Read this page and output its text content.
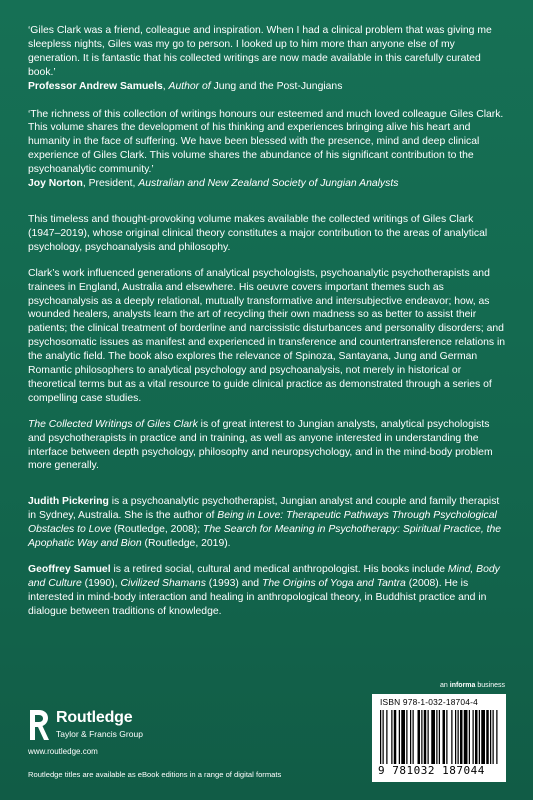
‘Giles Clark was a friend, colleague and inspiration. When I had a clinical problem that was giving me sleepless nights, Giles was my go to person. I looked up to him more than anyone else of my generation. It is fantastic that his collected writings are now made available in this carefully curated book.’

Professor Andrew Samuels, Author of Jung and the Post-Jungians

‘The richness of this collection of writings honours our esteemed and much loved colleague Giles Clark. This volume shares the development of his thinking and experiences bringing alive his heart and humanity in the face of suffering. We have been blessed with the presence, mind and deep clinical experience of Giles Clark. This volume shares the abundance of his significant contribution to the psychoanalytic community.’

Joy Norton, President, Australian and New Zealand Society of Jungian Analysts

This timeless and thought-provoking volume makes available the collected writings of Giles Clark (1947–2019), whose original clinical theory constitutes a major contribution to the areas of analytical psychology, psychoanalysis and philosophy.

Clark’s work influenced generations of analytical psychologists, psychoanalytic psychotherapists and trainees in England, Australia and elsewhere. His oeuvre covers important themes such as psychoanalysis as a deeply relational, mutually transformative and intersubjective endeavor; how, as wounded healers, analysts learn the art of recycling their own madness so as better to assist their patients; the clinical treatment of borderline and narcissistic disturbances and personality disorders; and psychosomatic issues as manifest and experienced in transference and countertransference relations in the analytic field. The book also explores the relevance of Spinoza, Santayana, Jung and German Romantic philosophers to analytical psychology and psychoanalysis, not merely in historical or theoretical terms but as a vital resource to guide clinical practice as demonstrated through a series of compelling case studies.

The Collected Writings of Giles Clark is of great interest to Jungian analysts, analytical psychologists and psychotherapists in practice and in training, as well as anyone interested in understanding the interface between depth psychology, philosophy and neuropsychology, and in the mind-body problem more generally.

Judith Pickering is a psychoanalytic psychotherapist, Jungian analyst and couple and family therapist in Sydney, Australia. She is the author of Being in Love: Therapeutic Pathways Through Psychological Obstacles to Love (Routledge, 2008); The Search for Meaning in Psychotherapy: Spiritual Practice, the Apophatic Way and Bion (Routledge, 2019).

Geoffrey Samuel is a retired social, cultural and medical anthropologist. His books include Mind, Body and Culture (1990), Civilized Shamans (1993) and The Origins of Yoga and Tantra (2008). He is interested in mind-body interaction and healing in anthropological theory, in Buddhist practice and in dialogue between traditions of knowledge.

an informa business
Routledge
Taylor & Francis Group
www.routledge.com
Routledge titles are available as eBook editions in a range of digital formats
ISBN 978-1-032-18704-4
9 781032 187044
